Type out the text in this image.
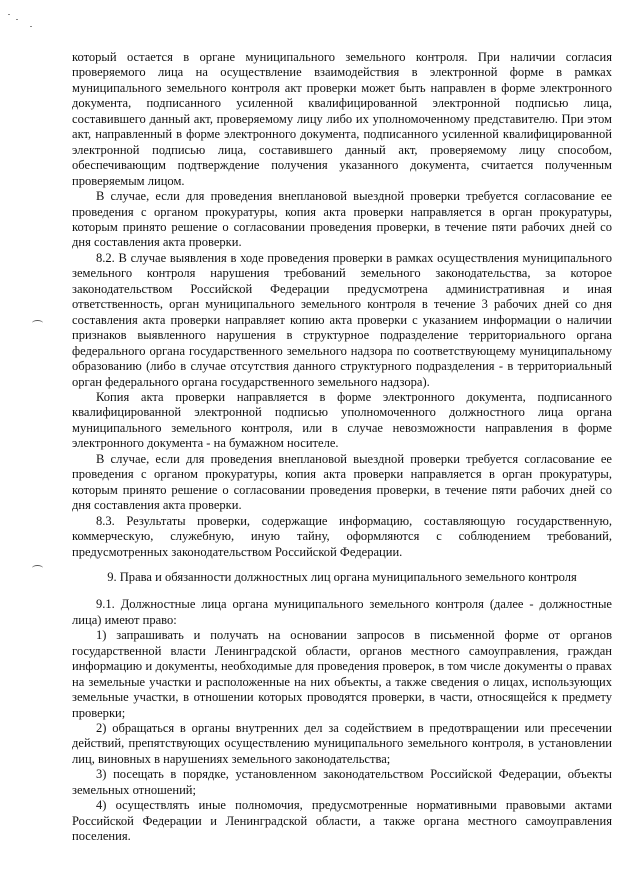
который остается в органе муниципального земельного контроля. При наличии согласия проверяемого лица на осуществление взаимодействия в электронной форме в рамках муниципального земельного контроля акт проверки может быть направлен в форме электронного документа, подписанного усиленной квалифицированной электронной подписью лица, составившего данный акт, проверяемому лицу либо их уполномоченному представителю. При этом акт, направленный в форме электронного документа, подписанного усиленной квалифицированной электронной подписью лица, составившего данный акт, проверяемому лицу способом, обеспечивающим подтверждение получения указанного документа, считается полученным проверяемым лицом.

В случае, если для проведения внеплановой выездной проверки требуется согласование ее проведения с органом прокуратуры, копия акта проверки направляется в орган прокуратуры, которым принято решение о согласовании проведения проверки, в течение пяти рабочих дней со дня составления акта проверки.

8.2. В случае выявления в ходе проведения проверки в рамках осуществления муниципального земельного контроля нарушения требований земельного законодательства, за которое законодательством Российской Федерации предусмотрена административная и иная ответственность, орган муниципального земельного контроля в течение 3 рабочих дней со дня составления акта проверки направляет копию акта проверки с указанием информации о наличии признаков выявленного нарушения в структурное подразделение территориального органа федерального органа государственного земельного надзора по соответствующему муниципальному образованию (либо в случае отсутствия данного структурного подразделения - в территориальный орган федерального органа государственного земельного надзора).

Копия акта проверки направляется в форме электронного документа, подписанного квалифицированной электронной подписью уполномоченного должностного лица органа муниципального земельного контроля, или в случае невозможности направления в форме электронного документа - на бумажном носителе.

В случае, если для проведения внеплановой выездной проверки требуется согласование ее проведения с органом прокуратуры, копия акта проверки направляется в орган прокуратуры, которым принято решение о согласовании проведения проверки, в течение пяти рабочих дней со дня составления акта проверки.

8.3. Результаты проверки, содержащие информацию, составляющую государственную, коммерческую, служебную, иную тайну, оформляются с соблюдением требований, предусмотренных законодательством Российской Федерации.

9. Права и обязанности должностных лиц органа муниципального земельного контроля

9.1. Должностные лица органа муниципального земельного контроля (далее - должностные лица) имеют право:

1) запрашивать и получать на основании запросов в письменной форме от органов государственной власти Ленинградской области, органов местного самоуправления, граждан информацию и документы, необходимые для проведения проверок, в том числе документы о правах на земельные участки и расположенные на них объекты, а также сведения о лицах, использующих земельные участки, в отношении которых проводятся проверки, в части, относящейся к предмету проверки;

2) обращаться в органы внутренних дел за содействием в предотвращении или пресечении действий, препятствующих осуществлению муниципального земельного контроля, в установлении лиц, виновных в нарушениях земельного законодательства;

3) посещать в порядке, установленном законодательством Российской Федерации, объекты земельных отношений;

4) осуществлять иные полномочия, предусмотренные нормативными правовыми актами Российской Федерации и Ленинградской области, а также органа местного самоуправления поселения.
